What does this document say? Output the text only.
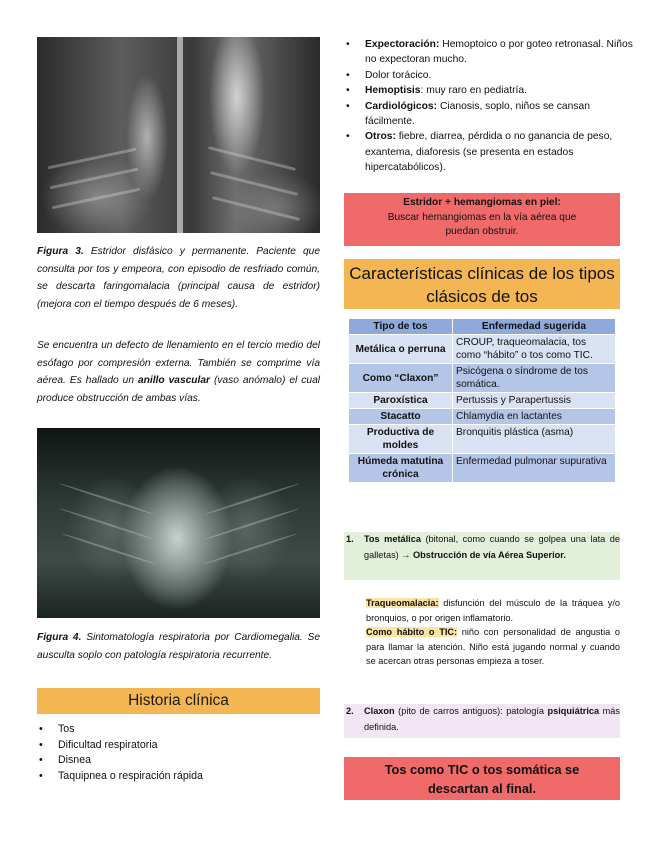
Figura 3. Estridor disfásico y permanente. Paciente que consulta por tos y empeora, con episodio de resfriado común, se descarta faringomalacia (principal causa de estridor) (mejora con el tiempo después de 6 meses).

Se encuentra un defecto de llenamiento en el tercio medio del esófago por compresión externa. También se comprime vía aérea. Es hallado un anillo vascular (vaso anómalo) el cual produce obstrucción de ambas vías.

Figura 4. Sintomatología respiratoria por Cardiomegalia. Se ausculta soplo con patología respiratoria recurrente.

Historia clínica
• Tos
• Dificultad respiratoria
• Disnea
• Taquipnea o respiración rápida
• Expectoración: Hemoptoico o por goteo retronasal. Niños no expectoran mucho.
• Dolor torácico.
• Hemoptisis: muy raro en pediatría.
• Cardiológicos: Cianosis, soplo, niños se cansan fácilmente.
• Otros: fiebre, diarrea, pérdida o no ganancia de peso, exantema, diaforesis (se presenta en estados hipercatabólicos).
Estridor + hemangiomas en piel:
Buscar hemangiomas en la vía aérea que puedan obstruir.
Características clínicas de los tipos clásicos de tos
Tipo de tos	Enfermedad sugerida
Metálica o perruna	CROUP, traqueomalacia, tos como “hábito” o tos como TIC.
Como “Claxon”	Psicógena o síndrome de tos somática.
Paroxística	Pertussis y Parapertussis
Stacatto	Chlamydia en lactantes
Productiva de moldes	Bronquitis plástica (asma)
Húmeda matutina crónica	Enfermedad pulmonar supurativa
1. Tos metálica (bitonal, como cuando se golpea una lata de galletas) → Obstrucción de vía Aérea Superior.
Traqueomalacia: disfunción del músculo de la tráquea y/o bronquios, o por origen inflamatorio.
Como hábito o TIC: niño con personalidad de angustia o para llamar la atención. Niño está jugando normal y cuando se acercan otras personas empieza a toser.
2. Claxon (pito de carros antiguos): patología psiquiátrica más definida.
Tos como TIC o tos somática se descartan al final.
